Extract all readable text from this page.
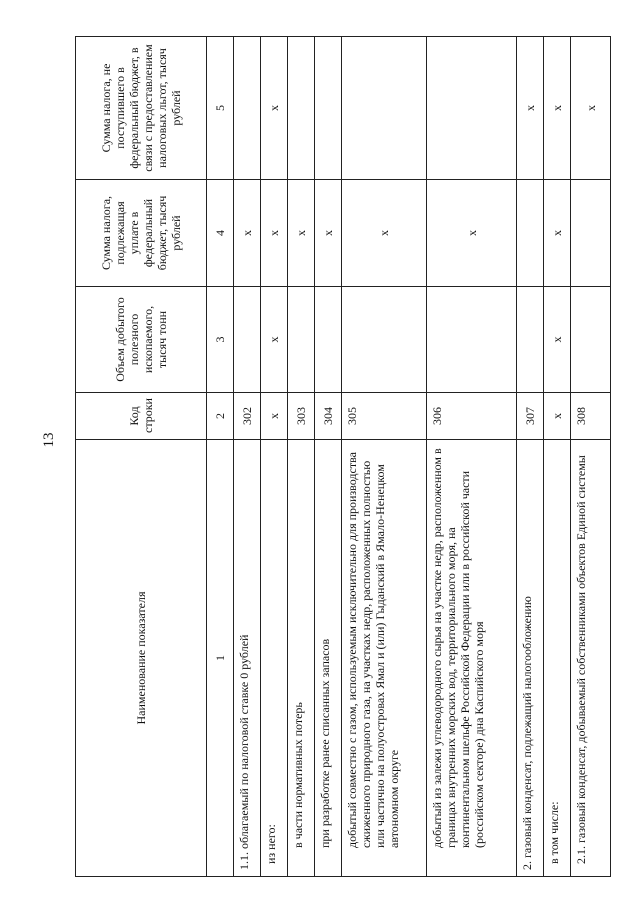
13
Наименование показателя	Код строки	Объем добытого полезного ископаемого, тысяч тонн	Сумма налога, подлежащая уплате в федеральный бюджет, тысяч рублей	Сумма налога, не поступившего в федеральный бюджет, в связи с предоставлением налоговых льгот, тысяч рублей
1	2	3	4	5
1.1. облагаемый по налоговой ставке 0 рублей	302		х	
из него:	х	х	х	х
в части нормативных потерь	303		х	
при разработке ранее списанных запасов	304		х	
добытый совместно с газом, используемым исключительно для производства сжиженного природного газа, на участках недр, расположенных полностью или частично на полуостровах Ямал и (или) Гыданский в Ямало-Ненецком автономном округе	305		х	
добытый из залежи углеводородного сырья на участке недр, расположенном в границах внутренних морских вод, территориального моря, на континентальном шельфе Российской Федерации или в российской части (российском секторе) дна Каспийского моря	306		х	
2. газовый конденсат, подлежащий налогообложению	307			х
в том числе:	х	х	х	х
2.1. газовый конденсат, добываемый собственниками объектов Единой системы	308			х
